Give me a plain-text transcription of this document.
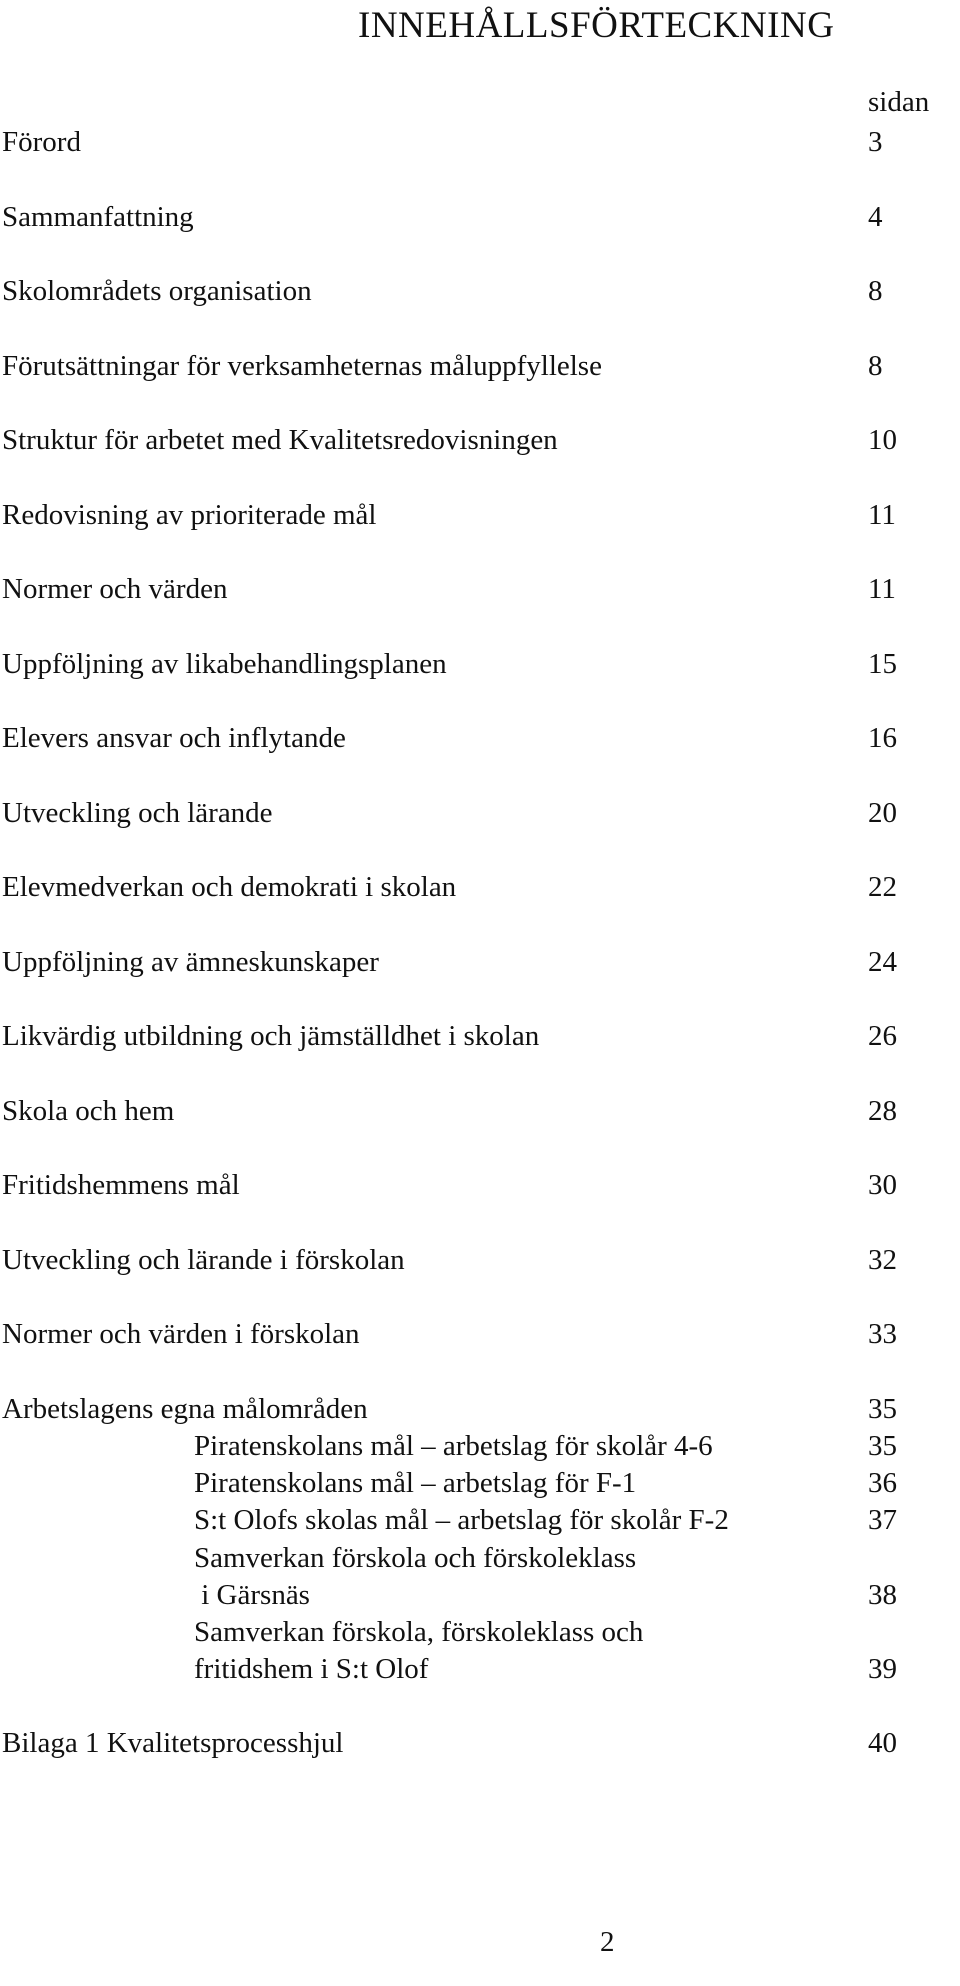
INNEHÅLLSFÖRTECKNING
sidan
Förord	3
Sammanfattning	4
Skolområdets organisation	8
Förutsättningar för verksamheternas måluppfyllelse	8
Struktur för arbetet med Kvalitetsredovisningen	10
Redovisning av prioriterade mål	11
Normer och värden	11
Uppföljning av likabehandlingsplanen	15
Elevers ansvar och inflytande	16
Utveckling och lärande	20
Elevmedverkan och demokrati i skolan	22
Uppföljning av ämneskunskaper	24
Likvärdig utbildning och jämställdhet i skolan	26
Skola och hem	28
Fritidshemmens mål	30
Utveckling och lärande i förskolan	32
Normer och värden i förskolan	33
Arbetslagens egna målområden	35
Piratenskolans mål – arbetslag för skolår 4-6	35
Piratenskolans mål – arbetslag för F-1	36
S:t Olofs skolas mål – arbetslag för skolår F-2	37
Samverkan förskola och förskoleklass
i Gärsnäs	38
Samverkan förskola, förskoleklass och
fritidshem i S:t Olof	39
Bilaga 1 Kvalitetsprocesshjul	40
2
